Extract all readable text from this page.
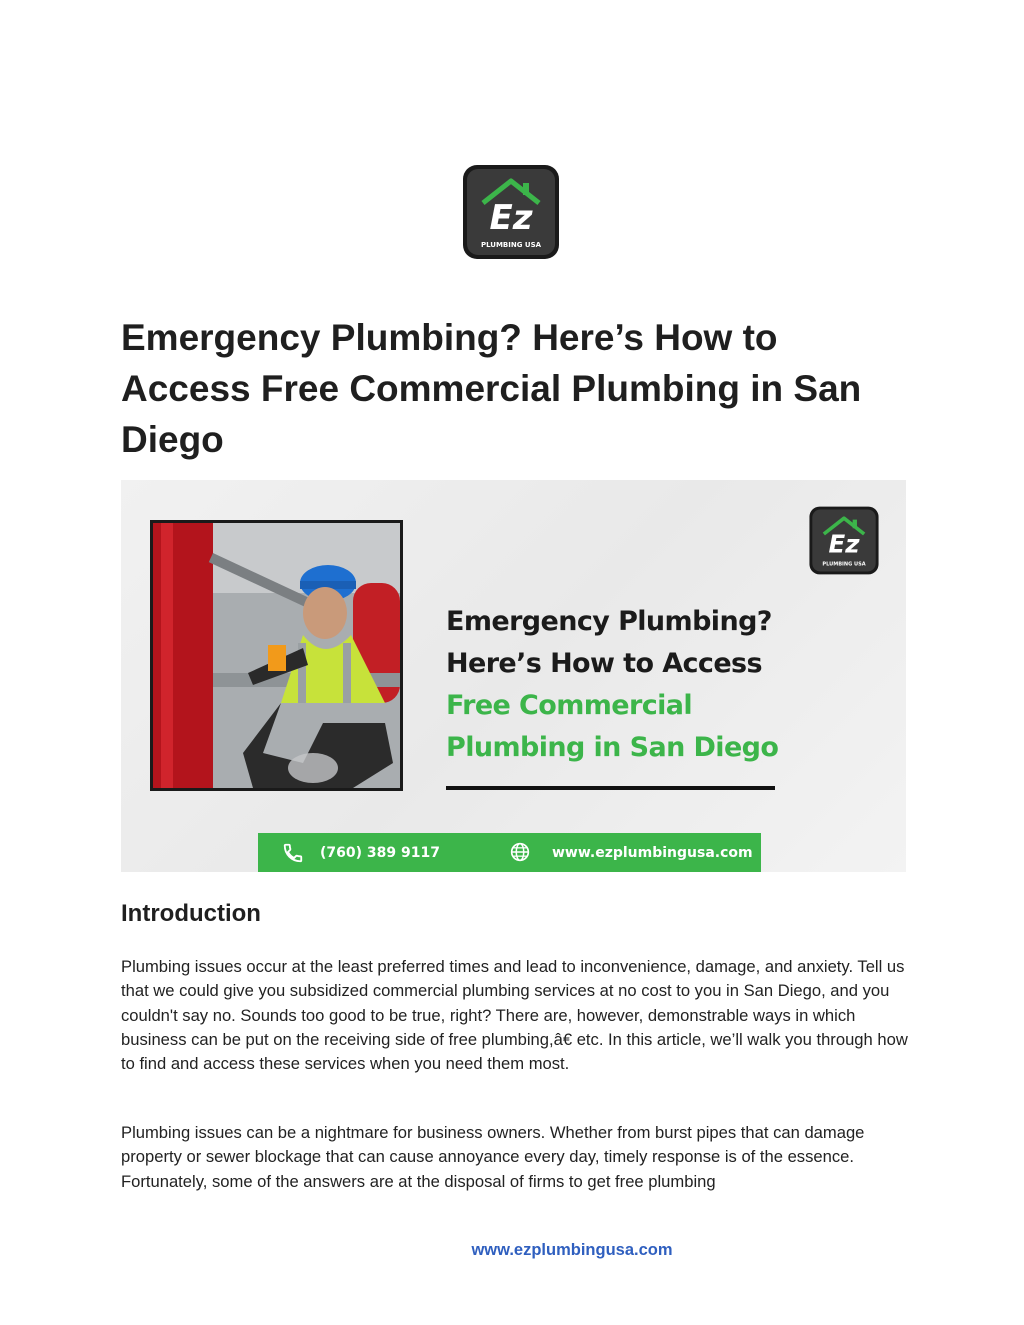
Ez
PLUMBING USA
Emergency Plumbing? Here’s How to Access Free Commercial Plumbing in San Diego
Ez
PLUMBING USA
Emergency Plumbing?
Here’s How to Access
Free Commercial
Plumbing in San Diego
(760) 389 9117	www.ezplumbingusa.com
Introduction

Plumbing issues occur at the least preferred times and lead to inconvenience, damage, and anxiety. Tell us that we could give you subsidized commercial plumbing services at no cost to you in San Diego, and you couldn't say no. Sounds too good to be true, right? There are, however, demonstrable ways in which business can be put on the receiving side of free plumbing,â€ etc. In this article, we’ll walk you through how to find and access these services when you need them most.

Plumbing issues can be a nightmare for business owners. Whether from burst pipes that can damage property or sewer blockage that can cause annoyance every day, timely response is of the essence. Fortunately, some of the answers are at the disposal of firms to get free plumbing

www.ezplumbingusa.com
